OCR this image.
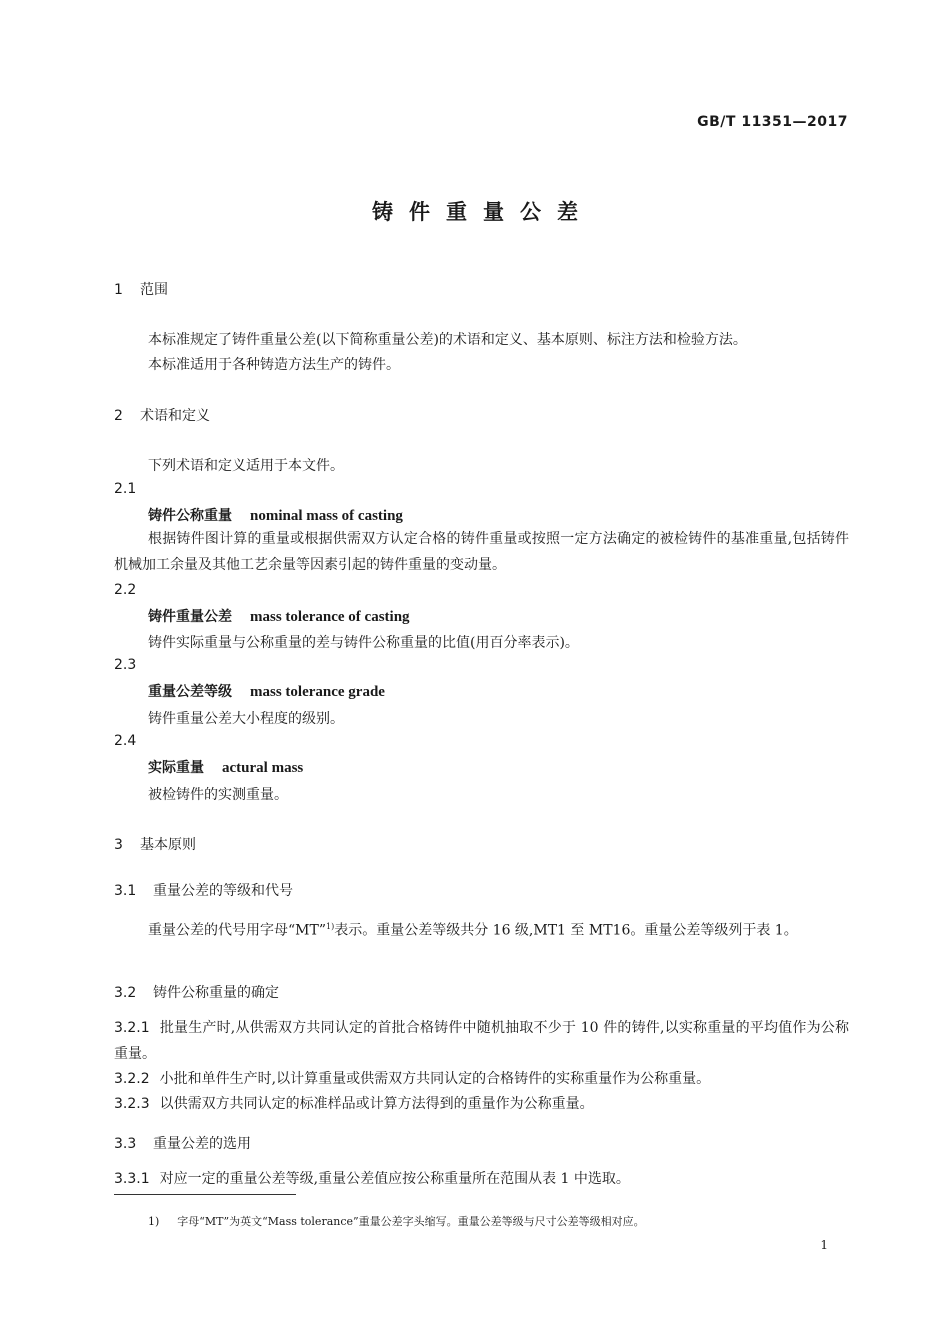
GB/T 11351—2017
铸件重量公差
1 范围
本标准规定了铸件重量公差(以下简称重量公差)的术语和定义、基本原则、标注方法和检验方法。
本标准适用于各种铸造方法生产的铸件。
2 术语和定义
下列术语和定义适用于本文件。
2.1
铸件公称重量 nominal mass of casting
根据铸件图计算的重量或根据供需双方认定合格的铸件重量或按照一定方法确定的被检铸件的基准重量,包括铸件机械加工余量及其他工艺余量等因素引起的铸件重量的变动量。
2.2
铸件重量公差 mass tolerance of casting
铸件实际重量与公称重量的差与铸件公称重量的比值(用百分率表示)。
2.3
重量公差等级 mass tolerance grade
铸件重量公差大小程度的级别。
2.4
实际重量 actural mass
被检铸件的实测重量。
3 基本原则
3.1 重量公差的等级和代号
重量公差的代号用字母“MT”$^{1)}$表示。重量公差等级共分 16 级,MT1 至 MT16。重量公差等级列于表 1。
3.2 铸件公称重量的确定
3.2.1 批量生产时,从供需双方共同认定的首批合格铸件中随机抽取不少于 10 件的铸件,以实称重量的平均值作为公称重量。
3.2.2 小批和单件生产时,以计算重量或供需双方共同认定的合格铸件的实称重量作为公称重量。
3.2.3 以供需双方共同认定的标准样品或计算方法得到的重量作为公称重量。
3.3 重量公差的选用
3.3.1 对应一定的重量公差等级,重量公差值应按公称重量所在范围从表 1 中选取。
1) 字母“MT”为英文“Mass tolerance”重量公差字头缩写。重量公差等级与尺寸公差等级相对应。
1
